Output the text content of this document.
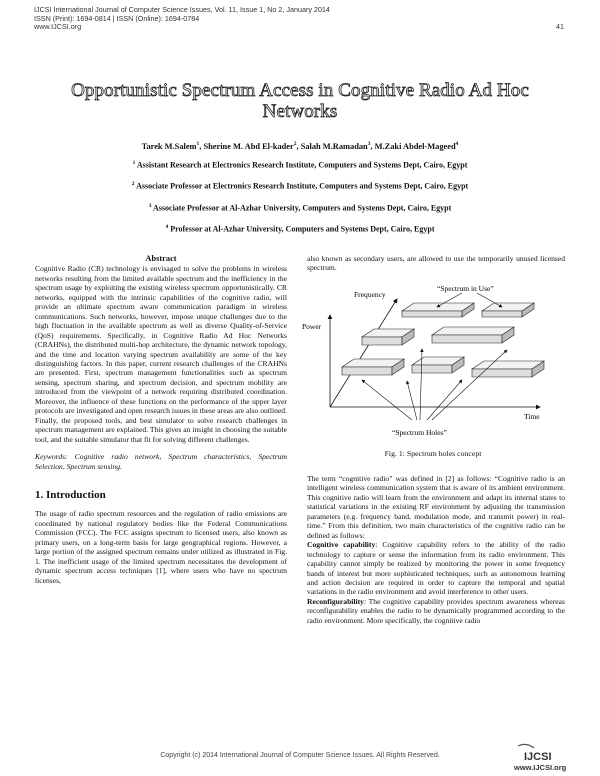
IJCSI International Journal of Computer Science Issues, Vol. 11, Issue 1, No 2, January 2014
ISSN (Print): 1694-0814 | ISSN (Online): 1694-0784
www.IJCSI.org	41
Opportunistic Spectrum Access in Cognitive Radio Ad Hoc Networks
Tarek M.Salem$^1$, Sherine M. Abd El-kader$^2$, Salah M.Ramadan$^3$, M.Zaki Abdel-Mageed$^4$
$^1$ Assistant Research at Electronics Research Institute, Computers and Systems Dept, Cairo, Egypt
$^2$ Associate Professor at Electronics Research Institute, Computers and Systems Dept, Cairo, Egypt
$^3$ Associate Professor at Al-Azhar University, Computers and Systems Dept, Cairo, Egypt
$^4$ Professor at Al-Azhar University, Computers and Systems Dept, Cairo, Egypt
Abstract

Cognitive Radio (CR) technology is envisaged to solve the problems in wireless networks resulting from the limited available spectrum and the inefficiency in the spectrum usage by exploiting the existing wireless spectrum opportunistically. CR networks, equipped with the intrinsic capabilities of the cognitive radio, will provide an ultimate spectrum aware communication paradigm in wireless communications. Such networks, however, impose unique challenges due to the high fluctuation in the available spectrum as well as diverse Quality-of-Service (QoS) requirements. Specifically, in Cognitive Radio Ad Hoc Networks (CRAHNs), the distributed multi-hop architecture, the dynamic network topology, and the time and location varying spectrum availability are some of the key distinguishing factors. In this paper, current research challenges of the CRAHNs are presented. First, spectrum management functionalities such as spectrum sensing, spectrum sharing, and spectrum decision, and spectrum mobility are introduced from the viewpoint of a network requiring distributed coordination. Moreover, the influence of these functions on the performance of the upper layer protocols are investigated and open research issues in these areas are also outlined. Finally, the proposed tools, and best simulator to solve research challenges in spectrum management are explained. This gives an insight in choosing the suitable tool, and the suitable simulator that fit for solving different challenges.

Keywords: Cognitive radio network, Spectrum characteristics, Spectrum Selection, Spectrum sensing.

1. Introduction

The usage of radio spectrum resources and the regulation of radio emissions are coordinated by national regulatory bodies like the Federal Communications Commission (FCC). The FCC assigns spectrum to licensed users, also known as primary users, on a long-term basis for large geographical regions. However, a large portion of the assigned spectrum remains under utilized as illustrated in Fig. 1. The inefficient usage of the limited spectrum necessitates the development of dynamic spectrum access techniques [1], where users who have no spectrum licenses,

also known as secondary users, are allowed to use the temporarily unused licensed spectrum.

Frequency
“Spectrum in Use”
Power
Time
“Spectrum Holes”
Fig. 1: Spectrum holes concept

The term “cognitive radio” was defined in [2] as follows: “Cognitive radio is an intelligent wireless communication system that is aware of its ambient environment. This cognitive radio will learn from the environment and adapt its internal states to statistical variations in the existing RF environment by adjusting the transmission parameters (e.g. frequency band, modulation mode, and transmit power) in real-time.” From this definition, two main characteristics of the cognitive radio can be defined as follows:

Cognitive capability: Cognitive capability refers to the ability of the radio technology to capture or sense the information from its radio environment. This capability cannot simply be realized by monitoring the power in some frequency bands of interest but more sophisticated techniques, such as autonomous learning and action decision are required in order to capture the temporal and spatial variations in the radio environment and avoid interference to other users.

Reconfigurability: The cognitive capability provides spectrum awareness whereas reconfigurability enables the radio to be dynamically programmed according to the radio environment. More specifically, the cognitive radio

Copyright (c) 2014 International Journal of Computer Science Issues. All Rights Reserved.	IJCSI
www.IJCSI.org
